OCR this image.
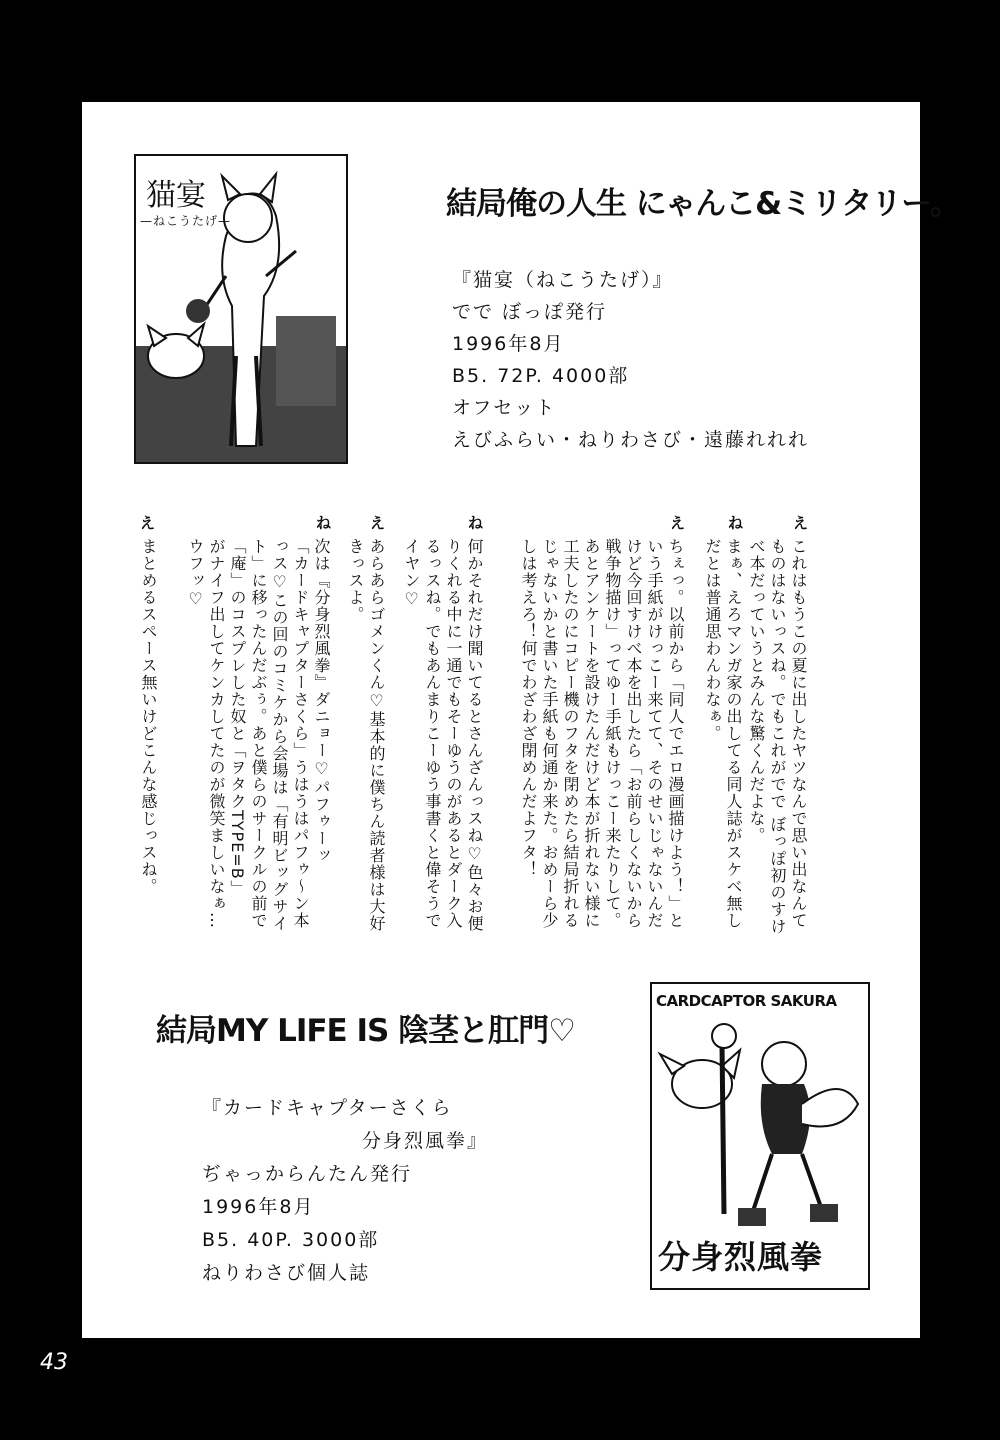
猫宴
—ねこうたげ—	結局俺の人生 にゃんこ&ミリタリー。
『猫宴（ねこうたげ）』
でで ぼっぽ発行
1996年8月
B5. 72P. 4000部
オフセット
えびふらい・ねりわさび・遠藤れれれ
え
ね
え
ね
え
ね
え
これはもうこの夏に出したヤツなんで思い出なんて
ものはないっスね。でもこれがでで ぼっぽ初のすけ
べ本だっていうとみんな驚くんだよな。
まぁ、えろマンガ家の出してる同人誌がスケベ無し
だとは普通思わんわなぁ。
ちぇっ。以前から「同人でエロ漫画描けよう！」と
いう手紙がけっこー来てて、そのせいじゃないんだ
けど今回すけべ本を出したら「お前らしくないから
戦争物描け」ってゆー手紙もけっこー来たりして。
あとアンケートを設けたんだけど本が折れない様に
工夫したのにコピー機のフタを閉めたら結局折れる
じゃないかと書いた手紙も何通か来た。おめーら少
しは考えろ！何でわざわざ閉めんだよフタ！
何かそれだけ聞いてるとさんざんっスね♡色々お便
りくれる中に一通でもそーゆうのがあるとダーク入
るっスね。でもあんまりこーゆう事書くと偉そうで
イヤン♡
あらあらゴメンくん♡基本的に僕ちん読者様は大好
きっスよ。
次は『分身烈風拳』ダニョー♡パフゥーッ
「カードキャプターさくら」うはうはパフゥ～ン本
っス♡この回のコミケから会場は「有明ビッグサイ
ト」に移ったんだぶぅ。あと僕らのサークルの前で
「庵」のコスプレした奴と「ヲタクTYPE=B」
がナイフ出してケンカしてたのが微笑ましいなぁ…
ウフッ♡
まとめるスペース無いけどこんな感じっスね。
結局MY LIFE IS 陰茎と肛門♡
『カードキャプターさくら
分身烈風拳』
ぢゃっからんたん発行
1996年8月
B5. 40P. 3000部
ねりわさび個人誌
CARDCAPTOR SAKURA
分身烈風拳
43
